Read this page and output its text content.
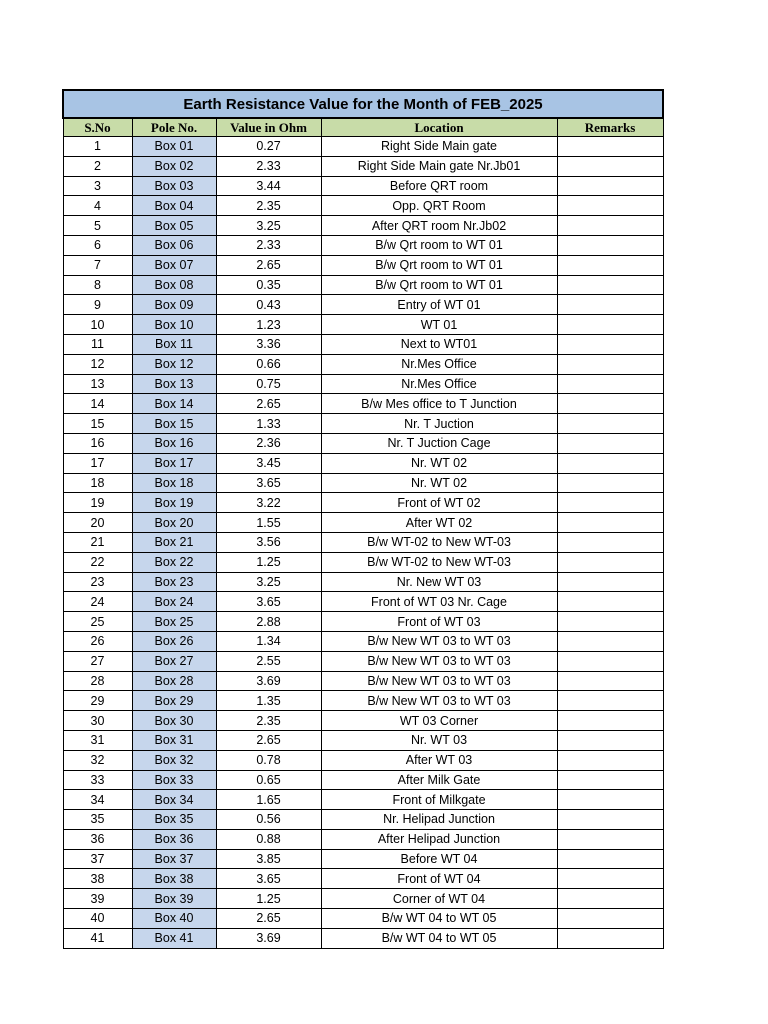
Earth Resistance Value for the Month of FEB_2025				
S.No	Pole No.	Value in Ohm	Location	Remarks
1	Box 01	0.27	Right Side Main gate	
2	Box 02	2.33	Right Side Main gate Nr.Jb01	
3	Box 03	3.44	Before QRT room	
4	Box 04	2.35	Opp. QRT Room	
5	Box 05	3.25	After QRT room Nr.Jb02	
6	Box 06	2.33	B/w Qrt room to WT 01	
7	Box 07	2.65	B/w Qrt room to WT 01	
8	Box 08	0.35	B/w Qrt room to WT 01	
9	Box 09	0.43	Entry of WT 01	
10	Box 10	1.23	WT 01	
11	Box 11	3.36	Next to WT01	
12	Box 12	0.66	Nr.Mes Office	
13	Box 13	0.75	Nr.Mes Office	
14	Box 14	2.65	B/w Mes office to T Junction	
15	Box 15	1.33	Nr. T Juction	
16	Box 16	2.36	Nr. T Juction Cage	
17	Box 17	3.45	Nr. WT 02	
18	Box 18	3.65	Nr. WT 02	
19	Box 19	3.22	Front of WT 02	
20	Box 20	1.55	After WT 02	
21	Box 21	3.56	B/w WT-02 to New WT-03	
22	Box 22	1.25	B/w WT-02 to New WT-03	
23	Box 23	3.25	Nr. New WT 03	
24	Box 24	3.65	Front of WT 03 Nr. Cage	
25	Box 25	2.88	Front of WT 03	
26	Box 26	1.34	B/w New WT 03 to WT 03	
27	Box 27	2.55	B/w New WT 03 to WT 03	
28	Box 28	3.69	B/w New WT 03 to WT 03	
29	Box 29	1.35	B/w New WT 03 to WT 03	
30	Box 30	2.35	WT 03 Corner	
31	Box 31	2.65	Nr. WT 03	
32	Box 32	0.78	After WT 03	
33	Box 33	0.65	After Milk Gate	
34	Box 34	1.65	Front of Milkgate	
35	Box 35	0.56	Nr. Helipad Junction	
36	Box 36	0.88	After Helipad Junction	
37	Box 37	3.85	Before WT 04	
38	Box 38	3.65	Front of WT 04	
39	Box 39	1.25	Corner of WT 04	
40	Box 40	2.65	B/w WT 04 to WT 05	
41	Box 41	3.69	B/w WT 04 to WT 05	
